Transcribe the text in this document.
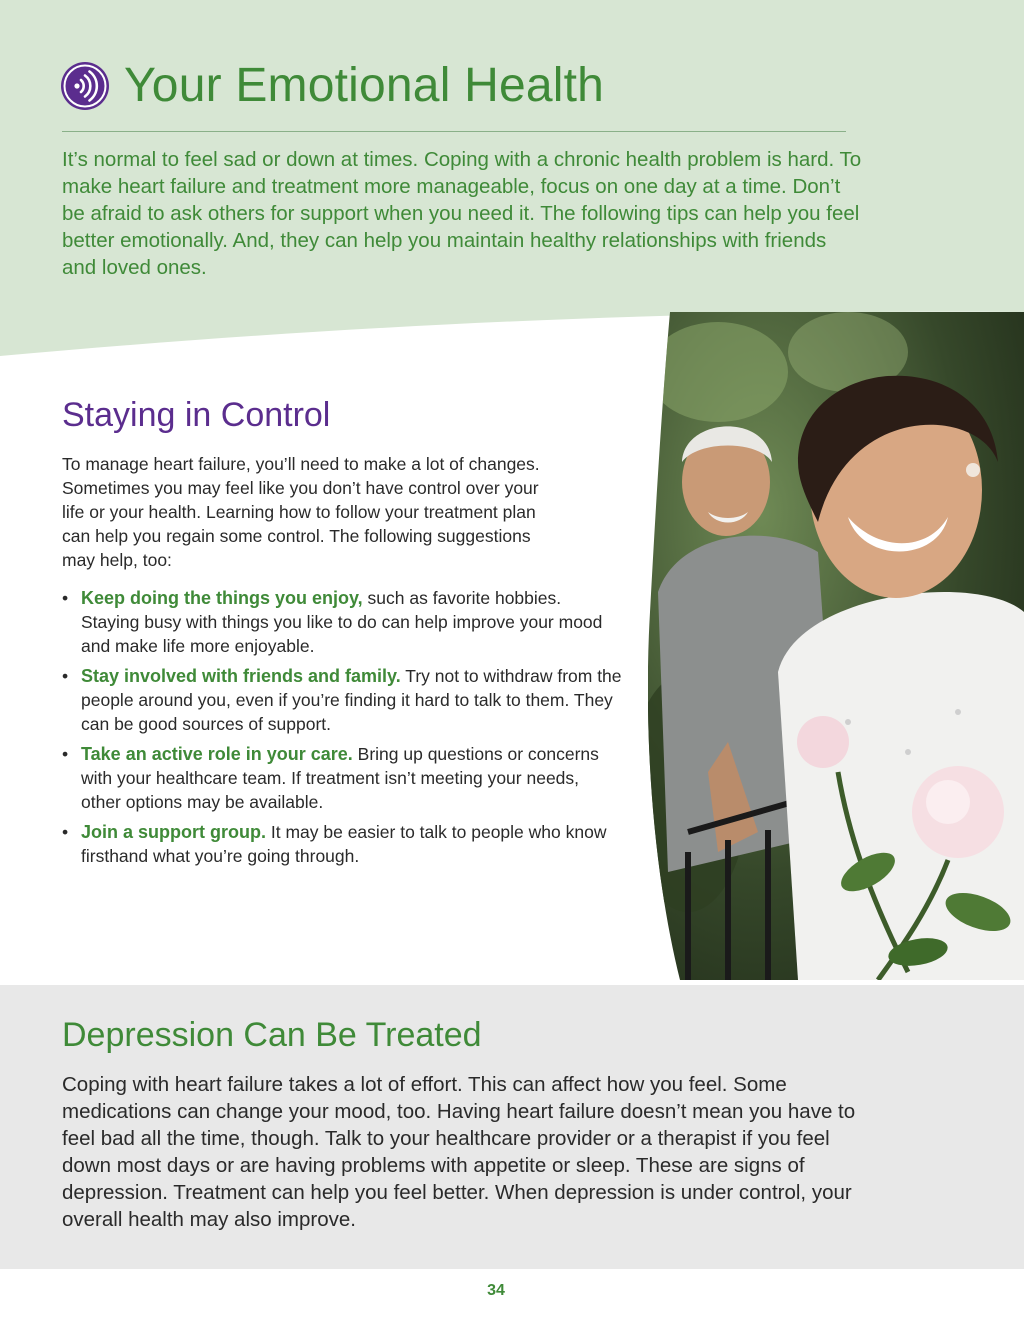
Your Emotional Health

It’s normal to feel sad or down at times. Coping with a chronic health problem is hard. To make heart failure and treatment more manageable, focus on one day at a time. Don’t be afraid to ask others for support when you need it. The following tips can help you feel better emotionally. And, they can help you maintain healthy relationships with friends and loved ones.

Staying in Control

To manage heart failure, you’ll need to make a lot of changes. Sometimes you may feel like you don’t have control over your life or your health. Learning how to follow your treatment plan can help you regain some control. The following suggestions may help, too:

• Keep doing the things you enjoy, such as favorite hobbies. Staying busy with things you like to do can help improve your mood and make life more enjoyable.
• Stay involved with friends and family. Try not to withdraw from the people around you, even if you’re finding it hard to talk to them. They can be good sources of support.
• Take an active role in your care. Bring up questions or concerns with your healthcare team. If treatment isn’t meeting your needs, other options may be available.
• Join a support group. It may be easier to talk to people who know firsthand what you’re going through.
Depression Can Be Treated

Coping with heart failure takes a lot of effort. This can affect how you feel. Some medications can change your mood, too. Having heart failure doesn’t mean you have to feel bad all the time, though. Talk to your healthcare provider or a therapist if you feel down most days or are having problems with appetite or sleep. These are signs of depression. Treatment can help you feel better. When depression is under control, your overall health may also improve.

34
